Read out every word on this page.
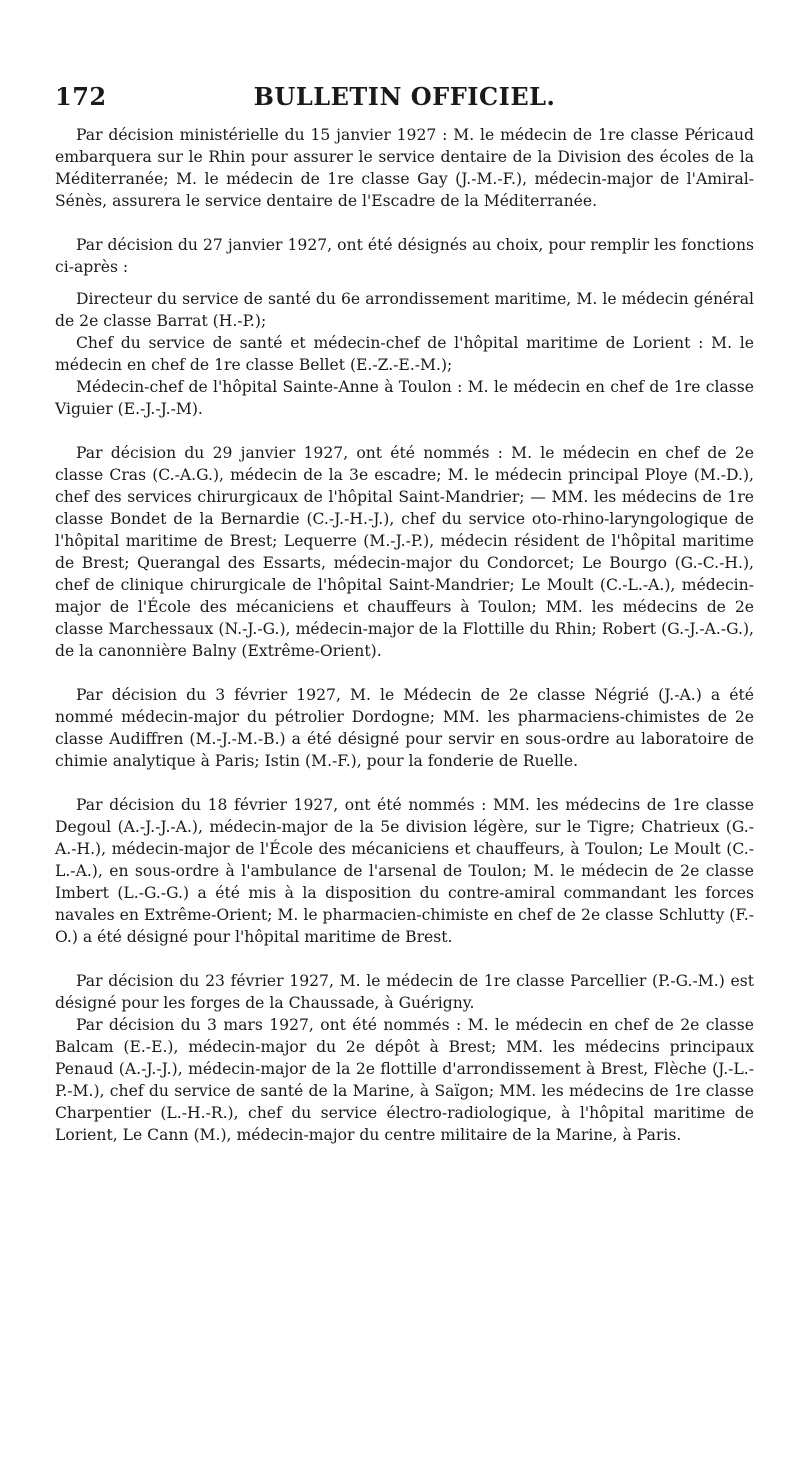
172	BULLETIN OFFICIEL.

Par décision ministérielle du 15 janvier 1927 : M. le médecin de 1re classe Péricaud embarquera sur le Rhin pour assurer le service dentaire de la Division des écoles de la Méditerranée; M. le médecin de 1re classe Gay (J.-M.-F.), médecin-major de l'Amiral-Sénès, assurera le service dentaire de l'Escadre de la Méditerranée.

Par décision du 27 janvier 1927, ont été désignés au choix, pour remplir les fonctions ci-après :

Directeur du service de santé du 6e arrondissement maritime, M. le médecin général de 2e classe Barrat (H.-P.);

Chef du service de santé et médecin-chef de l'hôpital maritime de Lorient : M. le médecin en chef de 1re classe Bellet (E.-Z.-E.-M.);

Médecin-chef de l'hôpital Sainte-Anne à Toulon : M. le médecin en chef de 1re classe Viguier (E.-J.-J.-M).

Par décision du 29 janvier 1927, ont été nommés : M. le médecin en chef de 2e classe Cras (C.-A.G.), médecin de la 3e escadre; M. le médecin principal Ploye (M.-D.), chef des services chirurgicaux de l'hôpital Saint-Mandrier; — MM. les médecins de 1re classe Bondet de la Bernardie (C.-J.-H.-J.), chef du service oto-rhino-laryngologique de l'hôpital maritime de Brest; Lequerre (M.-J.-P.), médecin résident de l'hôpital maritime de Brest; Querangal des Essarts, médecin-major du Condorcet; Le Bourgo (G.-C.-H.), chef de clinique chirurgicale de l'hôpital Saint-Mandrier; Le Moult (C.-L.-A.), médecin-major de l'École des mécaniciens et chauffeurs à Toulon; MM. les médecins de 2e classe Marchessaux (N.-J.-G.), médecin-major de la Flottille du Rhin; Robert (G.-J.-A.-G.), de la canonnière Balny (Extrême-Orient).

Par décision du 3 février 1927, M. le Médecin de 2e classe Négrié (J.-A.) a été nommé médecin-major du pétrolier Dordogne; MM. les pharmaciens-chimistes de 2e classe Audiffren (M.-J.-M.-B.) a été désigné pour servir en sous-ordre au laboratoire de chimie analytique à Paris; Istin (M.-F.), pour la fonderie de Ruelle.

Par décision du 18 février 1927, ont été nommés : MM. les médecins de 1re classe Degoul (A.-J.-J.-A.), médecin-major de la 5e division légère, sur le Tigre; Chatrieux (G.-A.-H.), médecin-major de l'École des mécaniciens et chauffeurs, à Toulon; Le Moult (C.-L.-A.), en sous-ordre à l'ambulance de l'arsenal de Toulon; M. le médecin de 2e classe Imbert (L.-G.-G.) a été mis à la disposition du contre-amiral commandant les forces navales en Extrême-Orient; M. le pharmacien-chimiste en chef de 2e classe Schlutty (F.-O.) a été désigné pour l'hôpital maritime de Brest.

Par décision du 23 février 1927, M. le médecin de 1re classe Parcellier (P.-G.-M.) est désigné pour les forges de la Chaussade, à Guérigny.

Par décision du 3 mars 1927, ont été nommés : M. le médecin en chef de 2e classe Balcam (E.-E.), médecin-major du 2e dépôt à Brest; MM. les médecins principaux Penaud (A.-J.-J.), médecin-major de la 2e flottille d'arrondissement à Brest, Flèche (J.-L.-P.-M.), chef du service de santé de la Marine, à Saïgon; MM. les médecins de 1re classe Charpentier (L.-H.-R.), chef du service électro-radiologique, à l'hôpital maritime de Lorient, Le Cann (M.), médecin-major du centre militaire de la Marine, à Paris.
